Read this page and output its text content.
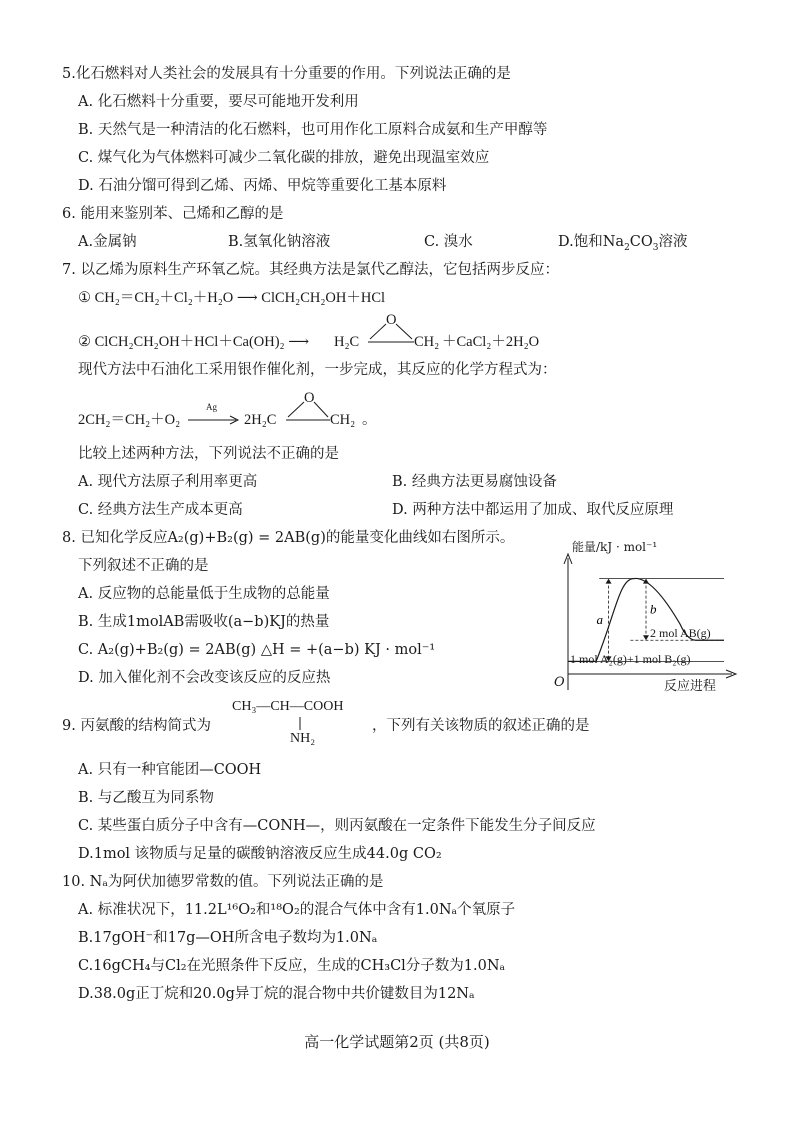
5.化石燃料对人类社会的发展具有十分重要的作用。下列说法正确的是
A. 化石燃料十分重要，要尽可能地开发利用
B. 天然气是一种清洁的化石燃料，也可用作化工原料合成氨和生产甲醇等
C. 煤气化为气体燃料可减少二氧化碳的排放，避免出现温室效应
D. 石油分馏可得到乙烯、丙烯、甲烷等重要化工基本原料
6. 能用来鉴别苯、己烯和乙醇的是
A.金属钠	B.氢氧化钠溶液	C. 溴水	D.饱和$Na_2CO_3$溶液
7. 以乙烯为原料生产环氧乙烷。其经典方法是氯代乙醇法，它包括两步反应：
① CH₂＝CH₂＋Cl₂＋H₂O ⟶ ClCH₂CH₂OH＋HCl
② ClCH₂CH₂OH＋HCl＋Ca(OH)₂ ⟶ H₂C
O
CH₂ ＋CaCl₂＋2H₂O
现代方法中石油化工采用银作催化剂，一步完成，其反应的化学方程式为：
2CH₂＝CH₂＋O₂
Ag
2H₂C
O
CH₂ 。
比较上述两种方法，下列说法不正确的是
A. 现代方法原子利用率更高	B. 经典方法更易腐蚀设备
C. 经典方法生产成本更高	D. 两种方法中都运用了加成、取代反应原理
8. 已知化学反应A₂(g)+B₂(g) = 2AB(g)的能量变化曲线如右图所示。
下列叙述不正确的是
A. 反应物的总能量低于生成物的总能量
B. 生成1molAB需吸收(a−b)KJ的热量
C. A₂(g)+B₂(g) = 2AB(g) △H = +(a−b) KJ · mol⁻¹
D. 加入催化剂不会改变该反应的反应热
a
b
能量/kJ · mol⁻¹
2 mol AB(g)
1 mol A₂(g)+1 mol B₂(g)
O	反应进程
9. 丙氨酸的结构简式为
CH₃—CH—COOH
NH₂
，下列有关该物质的叙述正确的是
A. 只有一种官能团—COOH
B. 与乙酸互为同系物
C. 某些蛋白质分子中含有—CONH—，则丙氨酸在一定条件下能发生分子间反应
D.1mol 该物质与足量的碳酸钠溶液反应生成44.0g CO₂
10. Nₐ为阿伏加德罗常数的值。下列说法正确的是
A. 标准状况下，11.2L¹⁶O₂和¹⁸O₂的混合气体中含有1.0Nₐ个氧原子
B.17gOH⁻和17g—OH所含电子数均为1.0Nₐ
C.16gCH₄与Cl₂在光照条件下反应，生成的CH₃Cl分子数为1.0Nₐ
D.38.0g正丁烷和20.0g异丁烷的混合物中共价键数目为12Nₐ
高一化学试题第2页 (共8页)
